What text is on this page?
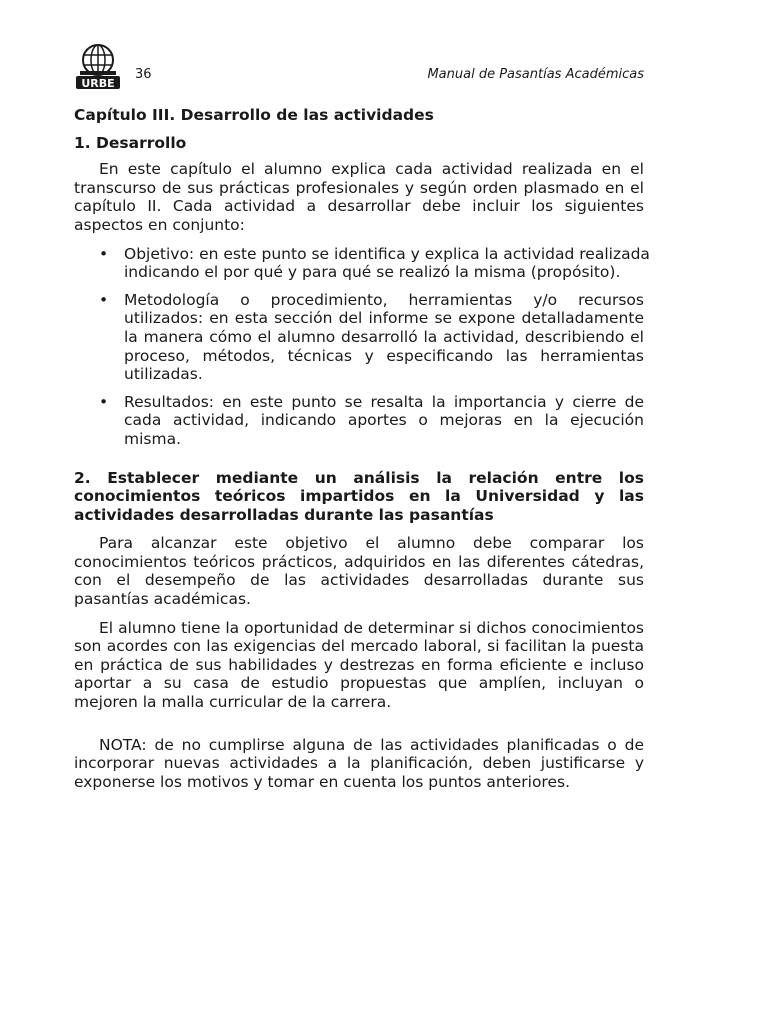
URBE
36	Manual de Pasantías Académicas

Capítulo III. Desarrollo de las actividades

1. Desarrollo

En este capítulo el alumno explica cada actividad realizada en el transcurso de sus prácticas profesionales y según orden plasmado en el capítulo II. Cada actividad a desarrollar debe incluir los siguientes aspectos en conjunto:

• Objetivo: en este punto se identifica y explica la actividad realizada
indicando el por qué y para qué se realizó la misma (propósito).
• Metodología o procedimiento, herramientas y/o recursos utilizados: en esta sección del informe se expone detalladamente la manera cómo el alumno desarrolló la actividad, describiendo el proceso, métodos, técnicas y especificando las herramientas utilizadas.
• Resultados: en este punto se resalta la importancia y cierre de cada actividad, indicando aportes o mejoras en la ejecución misma.

2. Establecer mediante un análisis la relación entre los conocimientos teóricos impartidos en la Universidad y las actividades desarrolladas durante las pasantías

Para alcanzar este objetivo el alumno debe comparar los conocimientos teóricos prácticos, adquiridos en las diferentes cátedras, con el desempeño de las actividades desarrolladas durante sus pasantías académicas.

El alumno tiene la oportunidad de determinar si dichos conocimientos son acordes con las exigencias del mercado laboral, si facilitan la puesta en práctica de sus habilidades y destrezas en forma eficiente e incluso aportar a su casa de estudio propuestas que amplíen, incluyan o mejoren la malla curricular de la carrera.

NOTA: de no cumplirse alguna de las actividades planificadas o de incorporar nuevas actividades a la planificación, deben justificarse y exponerse los motivos y tomar en cuenta los puntos anteriores.
